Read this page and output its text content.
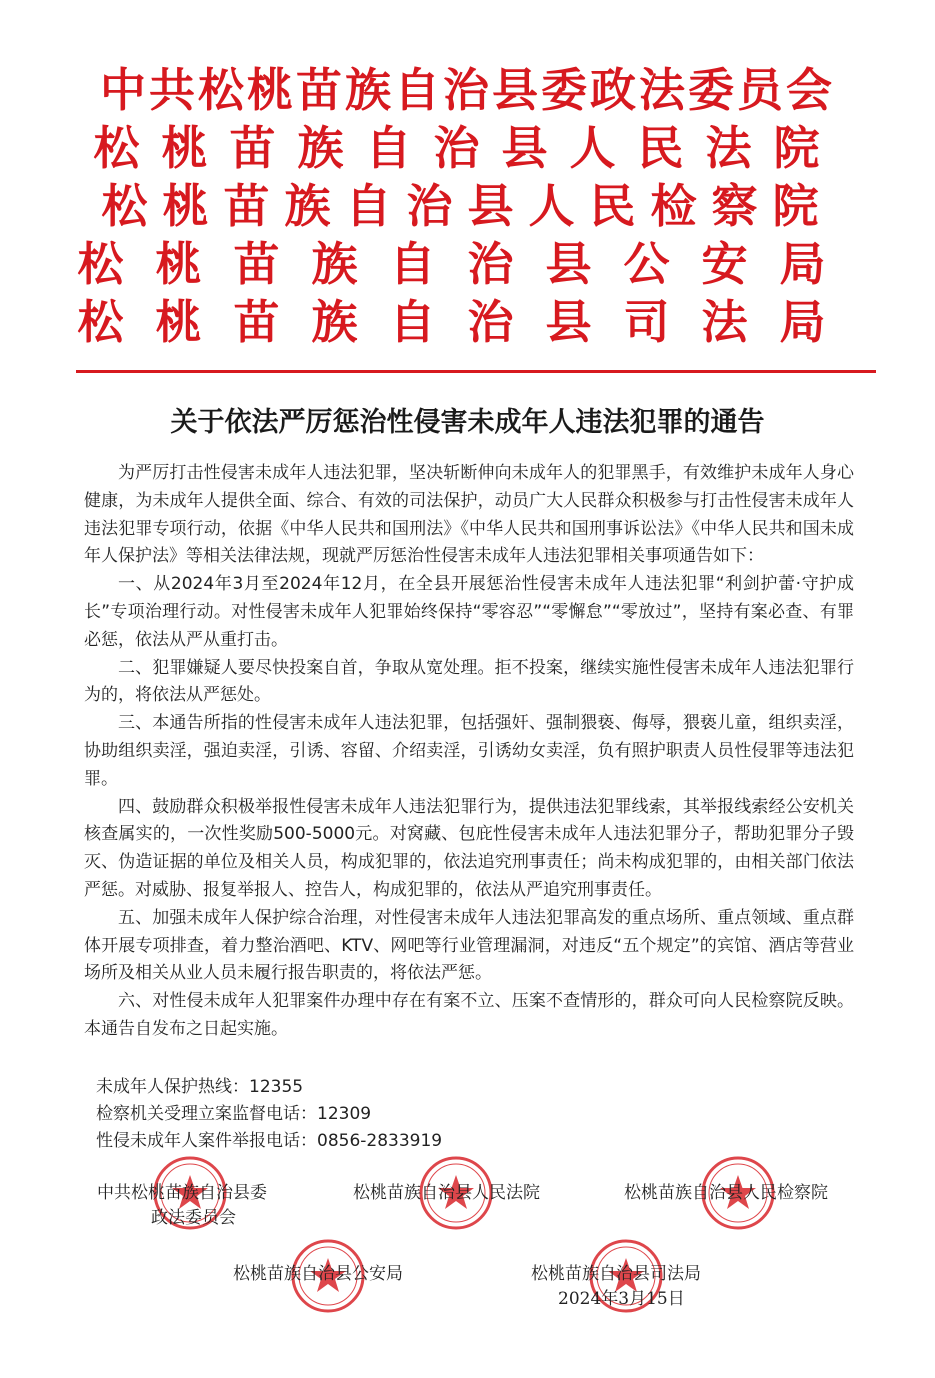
中共松桃苗族自治县委政法委员会
松桃苗族自治县人民法院
松桃苗族自治县人民检察院
松桃苗族自治县公安局
松桃苗族自治县司法局
关于依法严厉惩治性侵害未成年人违法犯罪的通告

为严厉打击性侵害未成年人违法犯罪，坚决斩断伸向未成年人的犯罪黑手，有效维护未成年人身心健康，为未成年人提供全面、综合、有效的司法保护，动员广大人民群众积极参与打击性侵害未成年人违法犯罪专项行动，依据《中华人民共和国刑法》《中华人民共和国刑事诉讼法》《中华人民共和国未成年人保护法》等相关法律法规，现就严厉惩治性侵害未成年人违法犯罪相关事项通告如下：

一、从2024年3月至2024年12月，在全县开展惩治性侵害未成年人违法犯罪“利剑护蕾·守护成长”专项治理行动。对性侵害未成年人犯罪始终保持“零容忍”“零懈怠”“零放过”，坚持有案必查、有罪必惩，依法从严从重打击。

二、犯罪嫌疑人要尽快投案自首，争取从宽处理。拒不投案，继续实施性侵害未成年人违法犯罪行为的，将依法从严惩处。

三、本通告所指的性侵害未成年人违法犯罪，包括强奸、强制猥亵、侮辱，猥亵儿童，组织卖淫，协助组织卖淫，强迫卖淫，引诱、容留、介绍卖淫，引诱幼女卖淫，负有照护职责人员性侵罪等违法犯罪。

四、鼓励群众积极举报性侵害未成年人违法犯罪行为，提供违法犯罪线索，其举报线索经公安机关核查属实的，一次性奖励500-5000元。对窝藏、包庇性侵害未成年人违法犯罪分子，帮助犯罪分子毁灭、伪造证据的单位及相关人员，构成犯罪的，依法追究刑事责任；尚未构成犯罪的，由相关部门依法严惩。对威胁、报复举报人、控告人，构成犯罪的，依法从严追究刑事责任。

五、加强未成年人保护综合治理，对性侵害未成年人违法犯罪高发的重点场所、重点领域、重点群体开展专项排查，着力整治酒吧、KTV、网吧等行业管理漏洞，对违反“五个规定”的宾馆、酒店等营业场所及相关从业人员未履行报告职责的，将依法严惩。

六、对性侵未成年人犯罪案件办理中存在有案不立、压案不查情形的，群众可向人民检察院反映。本通告自发布之日起实施。

未成年人保护热线：12355
检察机关受理立案监督电话：12309
性侵未成年人案件举报电话：0856-2833919
中共松桃苗族自治县委
政法委员会
松桃苗族自治县人民法院	松桃苗族自治县人民检察院
松桃苗族自治县公安局	松桃苗族自治县司法局
2024年3月15日
